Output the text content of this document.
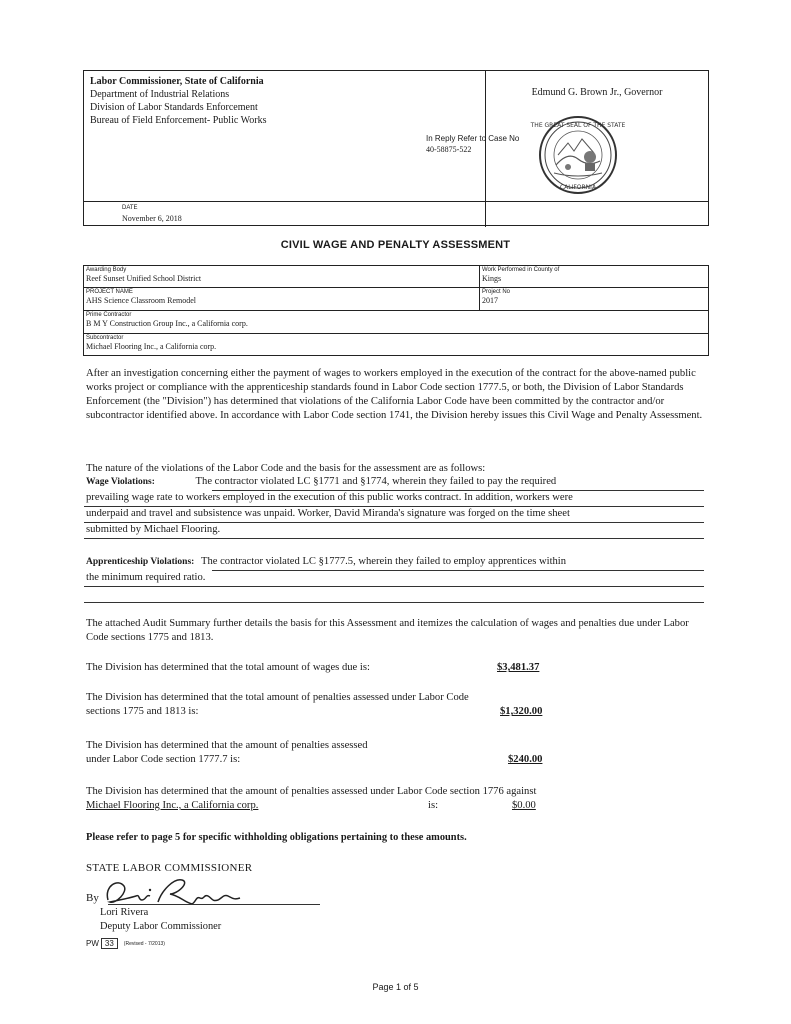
Labor Commissioner, State of California
Department of Industrial Relations
Division of Labor Standards Enforcement
Bureau of Field Enforcement- Public Works
Edmund G. Brown Jr., Governor
THE GREAT SEAL OF THE STATE
CALIFORNIA
DATE
November 6, 2018
In Reply Refer to Case No
40-58875-522
CIVIL WAGE AND PENALTY ASSESSMENT
Awarding Body
Reef Sunset Unified School District
Work Performed in County of
Kings
PROJECT NAME
AHS Science Classroom Remodel
Project No
2017
Prime Contractor
B M Y Construction Group Inc., a California corp.
Subcontractor
Michael Flooring Inc., a California corp.
After an investigation concerning either the payment of wages to workers employed in the execution of the contract for the above-named public works project or compliance with the apprenticeship standards found in Labor Code section 1777.5, or both, the Division of Labor Standards Enforcement (the "Division") has determined that violations of the California Labor Code have been committed by the contractor and/or subcontractor identified above. In accordance with Labor Code section 1741, the Division hereby issues this Civil Wage and Penalty Assessment.
The nature of the violations of the Labor Code and the basis for the assessment are as follows:
Wage Violations:	The contractor violated LC §1771 and §1774, wherein they failed to pay the required
prevailing wage rate to workers employed in the execution of this public works contract. In addition, workers were
underpaid and travel and subsistence was unpaid. Worker, David Miranda's signature was forged on the time sheet
submitted by Michael Flooring.
Apprenticeship Violations: The contractor violated LC §1777.5, wherein they failed to employ apprentices within
the minimum required ratio.
The attached Audit Summary further details the basis for this Assessment and itemizes the calculation of wages and penalties due under Labor Code sections 1775 and 1813.
The Division has determined that the total amount of wages due is:	$3,481.37
The Division has determined that the total amount of penalties assessed under Labor Code
sections 1775 and 1813 is:	$1,320.00
The Division has determined that the amount of penalties assessed
under Labor Code section 1777.7 is:	$240.00
The Division has determined that the amount of penalties assessed under Labor Code section 1776 against
Michael Flooring Inc., a California corp.	is:	$0.00
Please refer to page 5 for specific withholding obligations pertaining to these amounts.
STATE LABOR COMMISSIONER
By
Lori Rivera
Deputy Labor Commissioner
PW 33	(Revised - 7/2013)
Page 1 of 5
